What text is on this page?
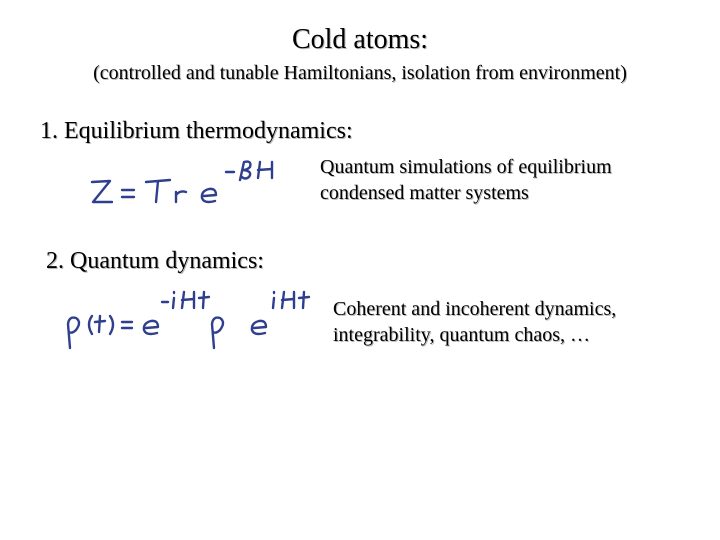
Cold atoms:
(controlled and tunable Hamiltonians, isolation from environment)
1. Equilibrium thermodynamics:
Quantum simulations of equilibrium
condensed matter systems
2. Quantum dynamics:
Coherent and incoherent dynamics,
integrability, quantum chaos, …
